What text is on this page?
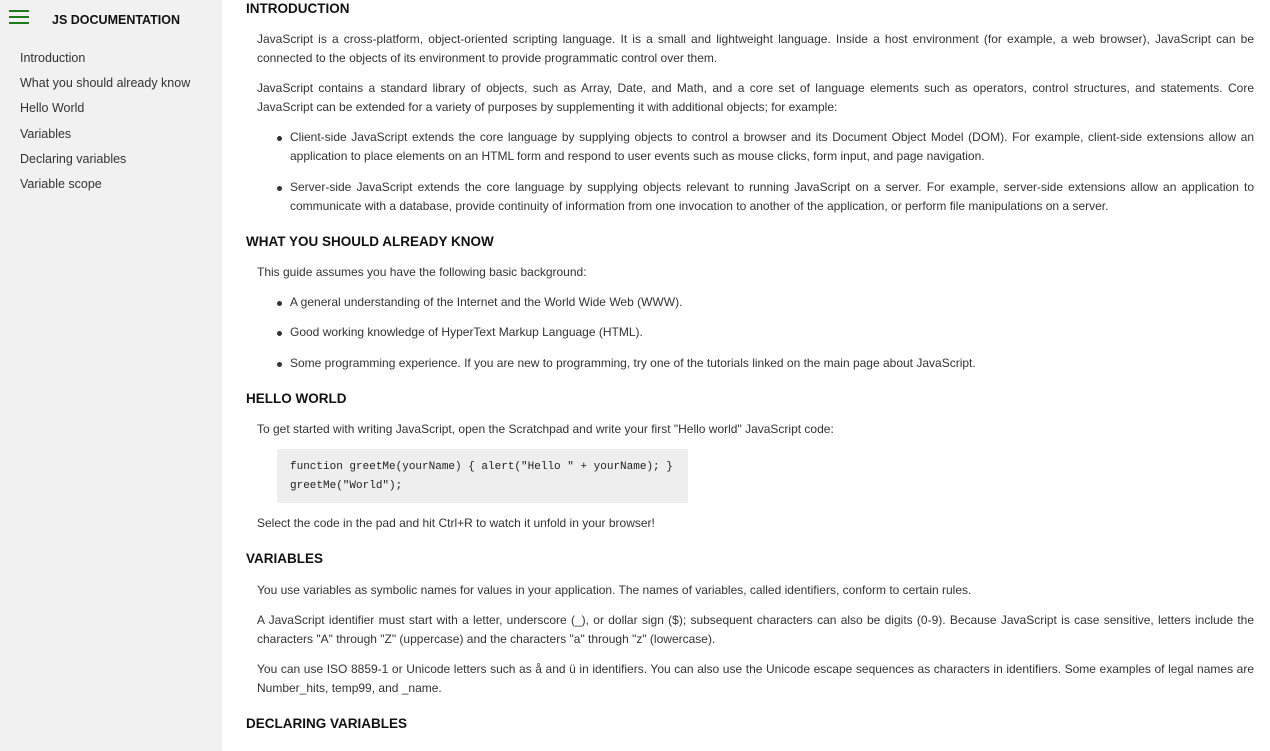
JS DOCUMENTATION
Introduction
What you should already know
Hello World
Variables
Declaring variables
Variable scope
INTRODUCTION

JavaScript is a cross-platform, object-oriented scripting language. It is a small and lightweight language. Inside a host environment (for example, a web browser), JavaScript can be connected to the objects of its environment to provide programmatic control over them.

JavaScript contains a standard library of objects, such as Array, Date, and Math, and a core set of language elements such as operators, control structures, and statements. Core JavaScript can be extended for a variety of purposes by supplementing it with additional objects; for example:

Client-side JavaScript extends the core language by supplying objects to control a browser and its Document Object Model (DOM). For example, client-side extensions allow an application to place elements on an HTML form and respond to user events such as mouse clicks, form input, and page navigation.

Server-side JavaScript extends the core language by supplying objects relevant to running JavaScript on a server. For example, server-side extensions allow an application to communicate with a database, provide continuity of information from one invocation to another of the application, or perform file manipulations on a server.

WHAT YOU SHOULD ALREADY KNOW

This guide assumes you have the following basic background:

A general understanding of the Internet and the World Wide Web (WWW).

Good working knowledge of HyperText Markup Language (HTML).

Some programming experience. If you are new to programming, try one of the tutorials linked on the main page about JavaScript.

HELLO WORLD

To get started with writing JavaScript, open the Scratchpad and write your first "Hello world" JavaScript code:

function greetMe(yourName) { alert("Hello " + yourName); }
greetMe("World");

Select the code in the pad and hit Ctrl+R to watch it unfold in your browser!

VARIABLES

You use variables as symbolic names for values in your application. The names of variables, called identifiers, conform to certain rules.

A JavaScript identifier must start with a letter, underscore (_), or dollar sign ($); subsequent characters can also be digits (0-9). Because JavaScript is case sensitive, letters include the characters "A" through "Z" (uppercase) and the characters "a" through "z" (lowercase).

You can use ISO 8859-1 or Unicode letters such as å and ü in identifiers. You can also use the Unicode escape sequences as characters in identifiers. Some examples of legal names are Number_hits, temp99, and _name.

DECLARING VARIABLES
